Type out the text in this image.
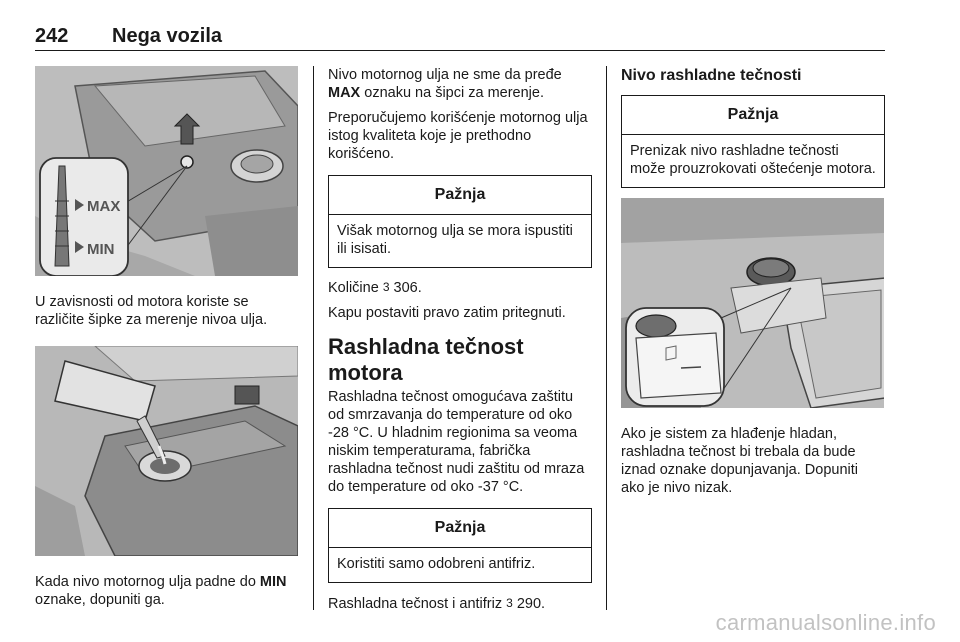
242 Nega vozila
MAX
MIN

U zavisnosti od motora koriste se različite šipke za merenje nivoa ulja.

Kada nivo motornog ulja padne do MIN oznake, dopuniti ga.

Nivo motornog ulja ne sme da pređe MAX oznaku na šipci za merenje.

Preporučujemo korišćenje motornog ulja istog kvaliteta koje je prethodno korišćeno.

Pažnja
Višak motornog ulja se mora ispustiti ili isisati.

Količine 3 306.

Kapu postaviti pravo zatim pritegnuti.

Rashladna tečnost motora

Rashladna tečnost omogućava zaštitu od smrzavanja do temperature od oko -28 °C. U hladnim regionima sa veoma niskim temperaturama, fabrička rashladna tečnost nudi zaštitu od mraza do temperature od oko -37 °C.

Pažnja
Koristiti samo odobreni antifriz.

Rashladna tečnost i antifriz 3 290.

Nivo rashladne tečnosti
Pažnja
Prenizak nivo rashladne tečnosti može prouzrokovati oštećenje motora.

Ako je sistem za hlađenje hladan, rashladna tečnost bi trebala da bude iznad oznake dopunjavanja. Dopuniti ako je nivo nizak.

carmanualsonline.info
